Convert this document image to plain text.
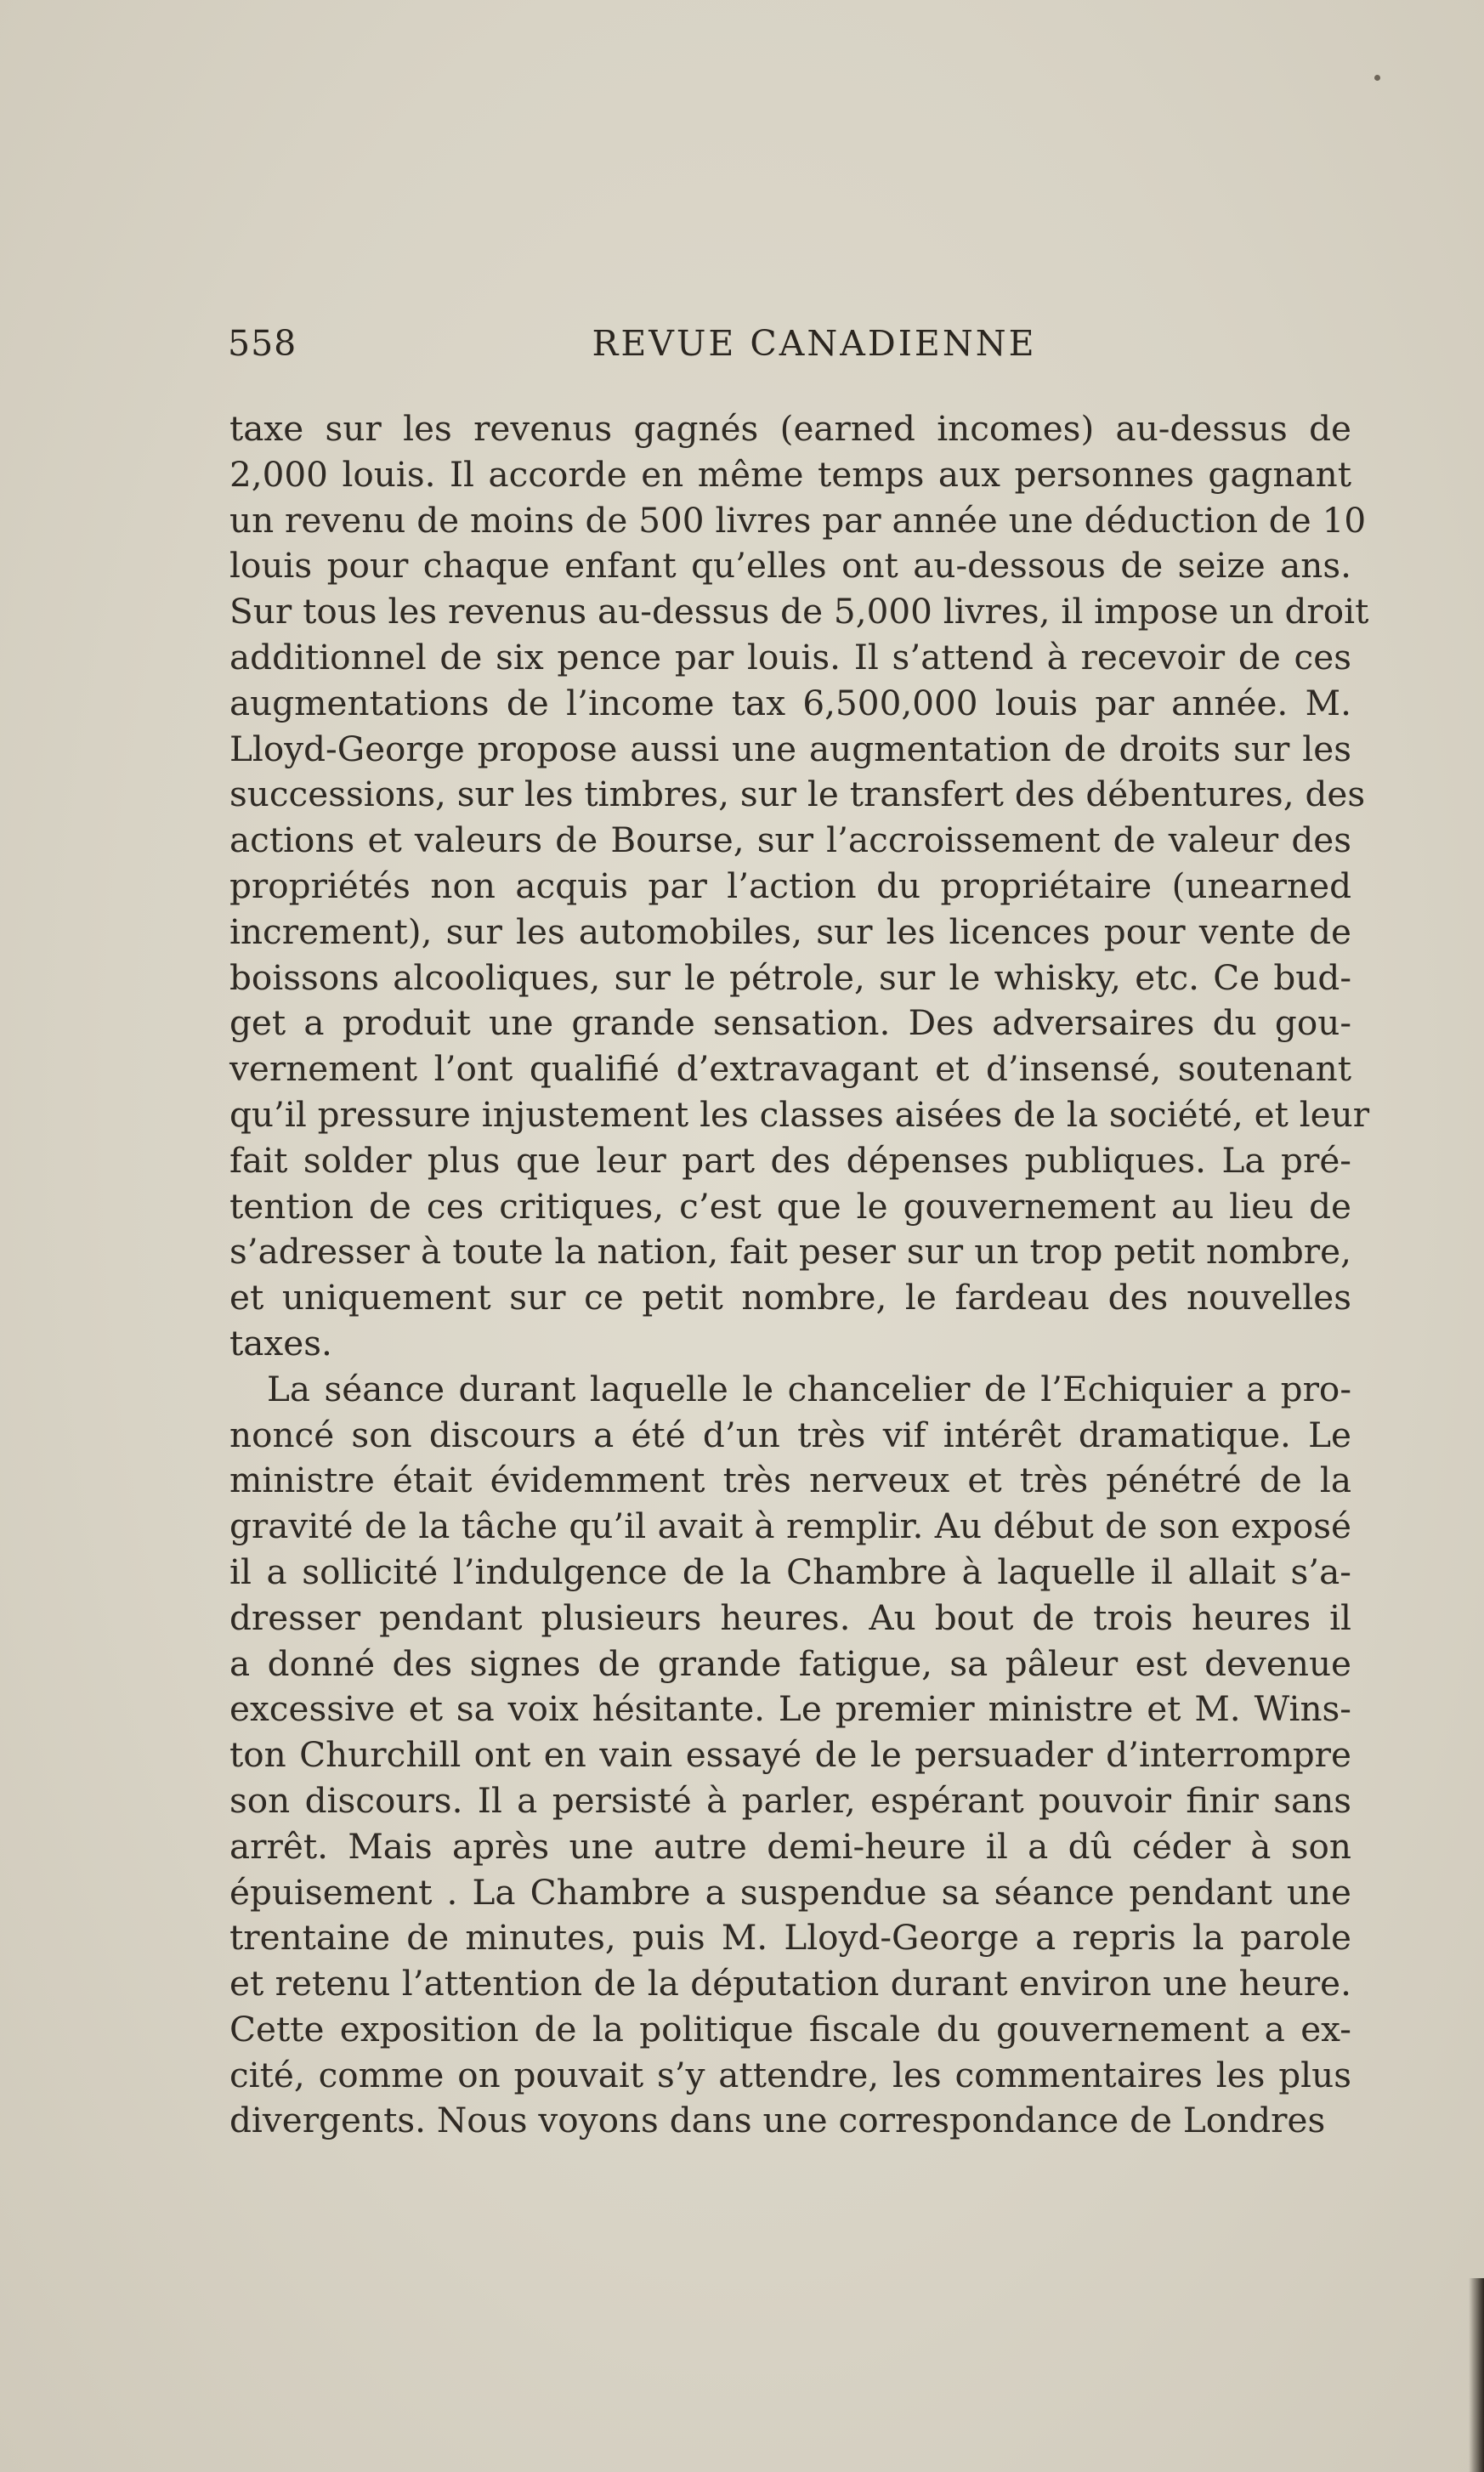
558	REVUE CANADIENNE

taxe sur les revenus gagnés (earned incomes) au-dessus de
2,000 louis. Il accorde en même temps aux personnes gagnant
un revenu de moins de 500 livres par année une déduction de 10
louis pour chaque enfant qu’elles ont au-dessous de seize ans.
Sur tous les revenus au-dessus de 5,000 livres, il impose un droit
additionnel de six pence par louis. Il s’attend à recevoir de ces
augmentations de l’income tax 6,500,000 louis par année. M.
Lloyd-George propose aussi une augmentation de droits sur les
successions, sur les timbres, sur le transfert des débentures, des
actions et valeurs de Bourse, sur l’accroissement de valeur des
propriétés non acquis par l’action du propriétaire (unearned
increment), sur les automobiles, sur les licences pour vente de
boissons alcooliques, sur le pétrole, sur le whisky, etc. Ce bud-
get a produit une grande sensation. Des adversaires du gou-
vernement l’ont qualifié d’extravagant et d’insensé, soutenant
qu’il pressure injustement les classes aisées de la société, et leur
fait solder plus que leur part des dépenses publiques. La pré-
tention de ces critiques, c’est que le gouvernement au lieu de
s’adresser à toute la nation, fait peser sur un trop petit nombre,
et uniquement sur ce petit nombre, le fardeau des nouvelles
taxes.

La séance durant laquelle le chancelier de l’Echiquier a pro-
noncé son discours a été d’un très vif intérêt dramatique. Le
ministre était évidemment très nerveux et très pénétré de la
gravité de la tâche qu’il avait à remplir. Au début de son exposé
il a sollicité l’indulgence de la Chambre à laquelle il allait s’a-
dresser pendant plusieurs heures. Au bout de trois heures il
a donné des signes de grande fatigue, sa pâleur est devenue
excessive et sa voix hésitante. Le premier ministre et M. Wins-
ton Churchill ont en vain essayé de le persuader d’interrompre
son discours. Il a persisté à parler, espérant pouvoir finir sans
arrêt. Mais après une autre demi-heure il a dû céder à son
épuisement . La Chambre a suspendue sa séance pendant une
trentaine de minutes, puis M. Lloyd-George a repris la parole
et retenu l’attention de la députation durant environ une heure.
Cette exposition de la politique fiscale du gouvernement a ex-
cité, comme on pouvait s’y attendre, les commentaires les plus
divergents. Nous voyons dans une correspondance de Londres
